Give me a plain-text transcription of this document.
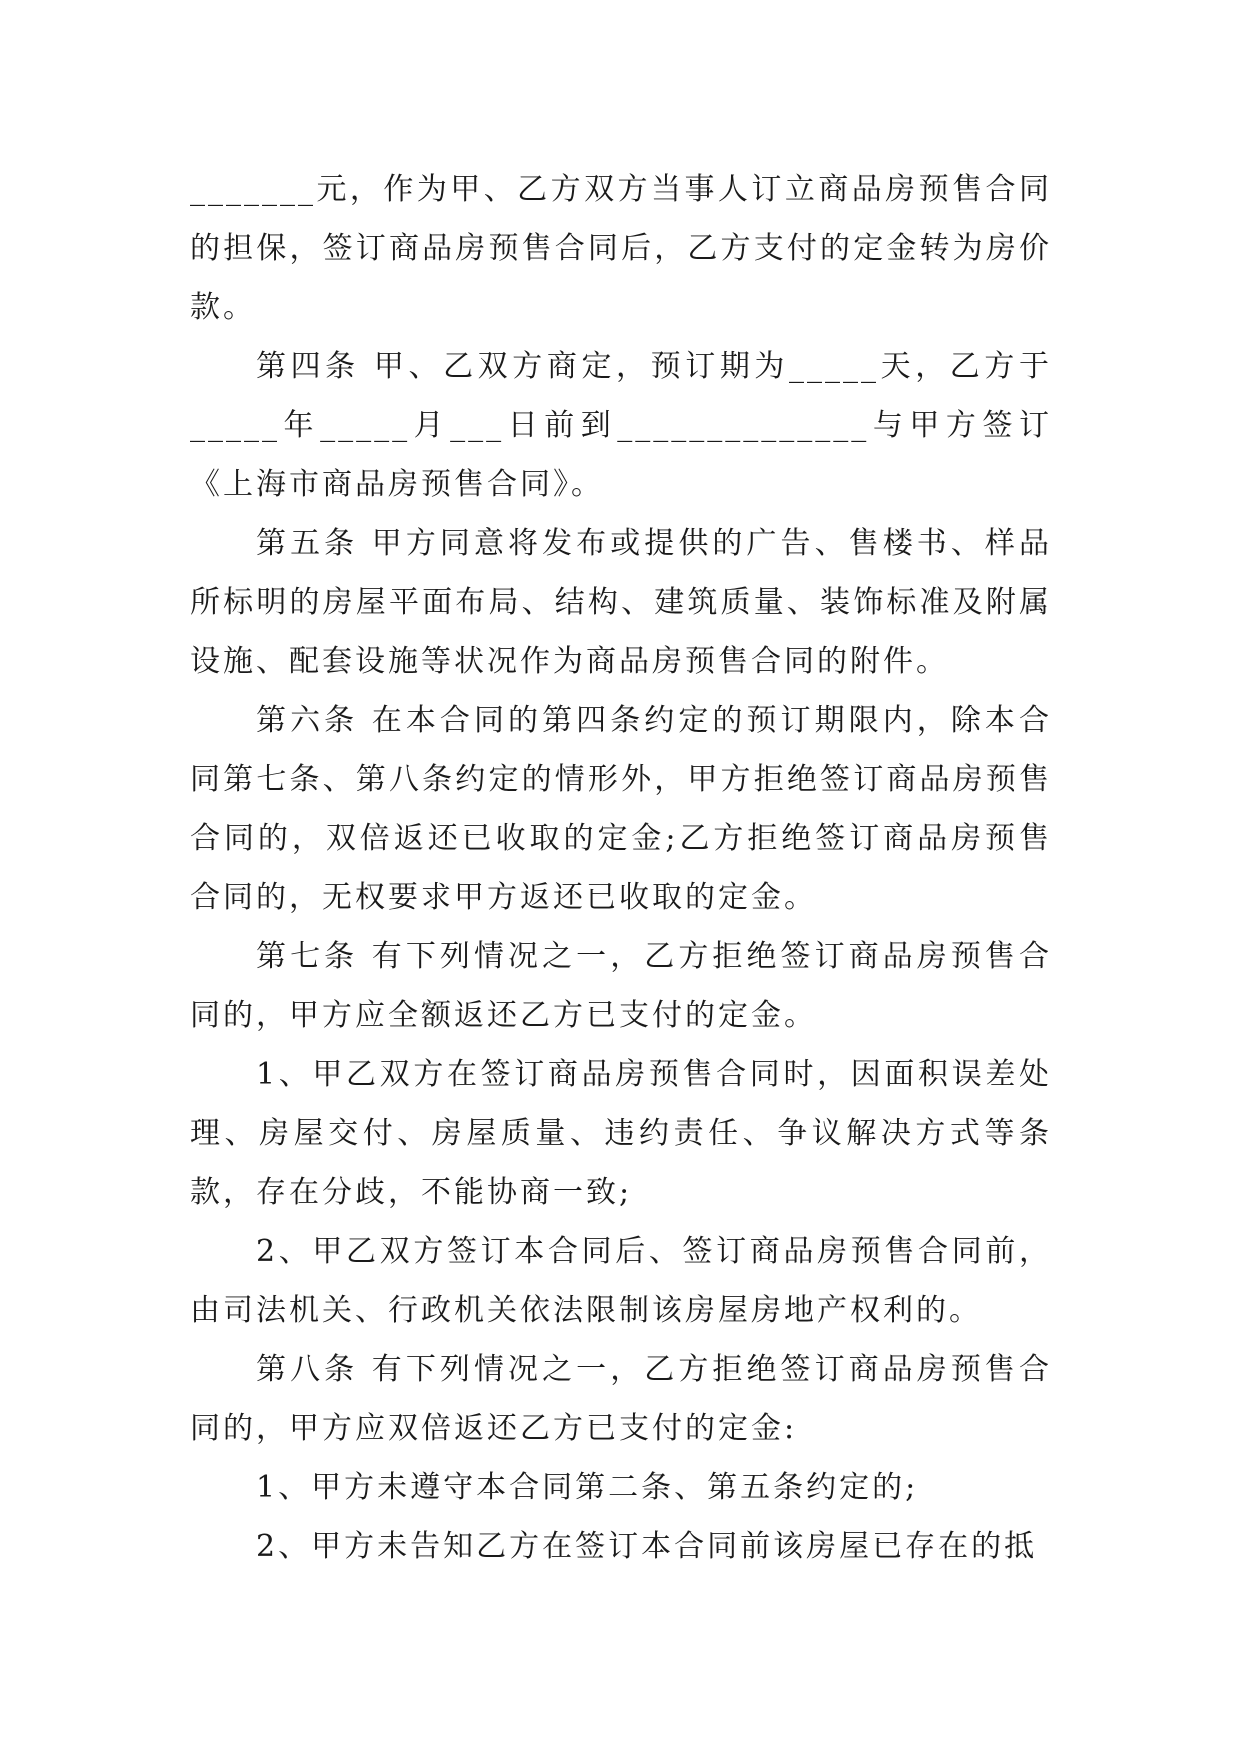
_______元，作为甲、乙方双方当事人订立商品房预售合同的担保，签订商品房预售合同后，乙方支付的定金转为房价款。

第四条 甲、乙双方商定，预订期为_____天，乙方于_____年_____月___日前到______________与甲方签订《上海市商品房预售合同》。

第五条 甲方同意将发布或提供的广告、售楼书、样品所标明的房屋平面布局、结构、建筑质量、装饰标准及附属设施、配套设施等状况作为商品房预售合同的附件。

第六条 在本合同的第四条约定的预订期限内，除本合同第七条、第八条约定的情形外，甲方拒绝签订商品房预售合同的，双倍返还已收取的定金;乙方拒绝签订商品房预售合同的，无权要求甲方返还已收取的定金。

第七条 有下列情况之一，乙方拒绝签订商品房预售合同的，甲方应全额返还乙方已支付的定金。

1、甲乙双方在签订商品房预售合同时，因面积误差处理、房屋交付、房屋质量、违约责任、争议解决方式等条款，存在分歧，不能协商一致;

2、甲乙双方签订本合同后、签订商品房预售合同前，由司法机关、行政机关依法限制该房屋房地产权利的。

第八条 有下列情况之一，乙方拒绝签订商品房预售合同的，甲方应双倍返还乙方已支付的定金:

1、甲方未遵守本合同第二条、第五条约定的;

2、甲方未告知乙方在签订本合同前该房屋已存在的抵
